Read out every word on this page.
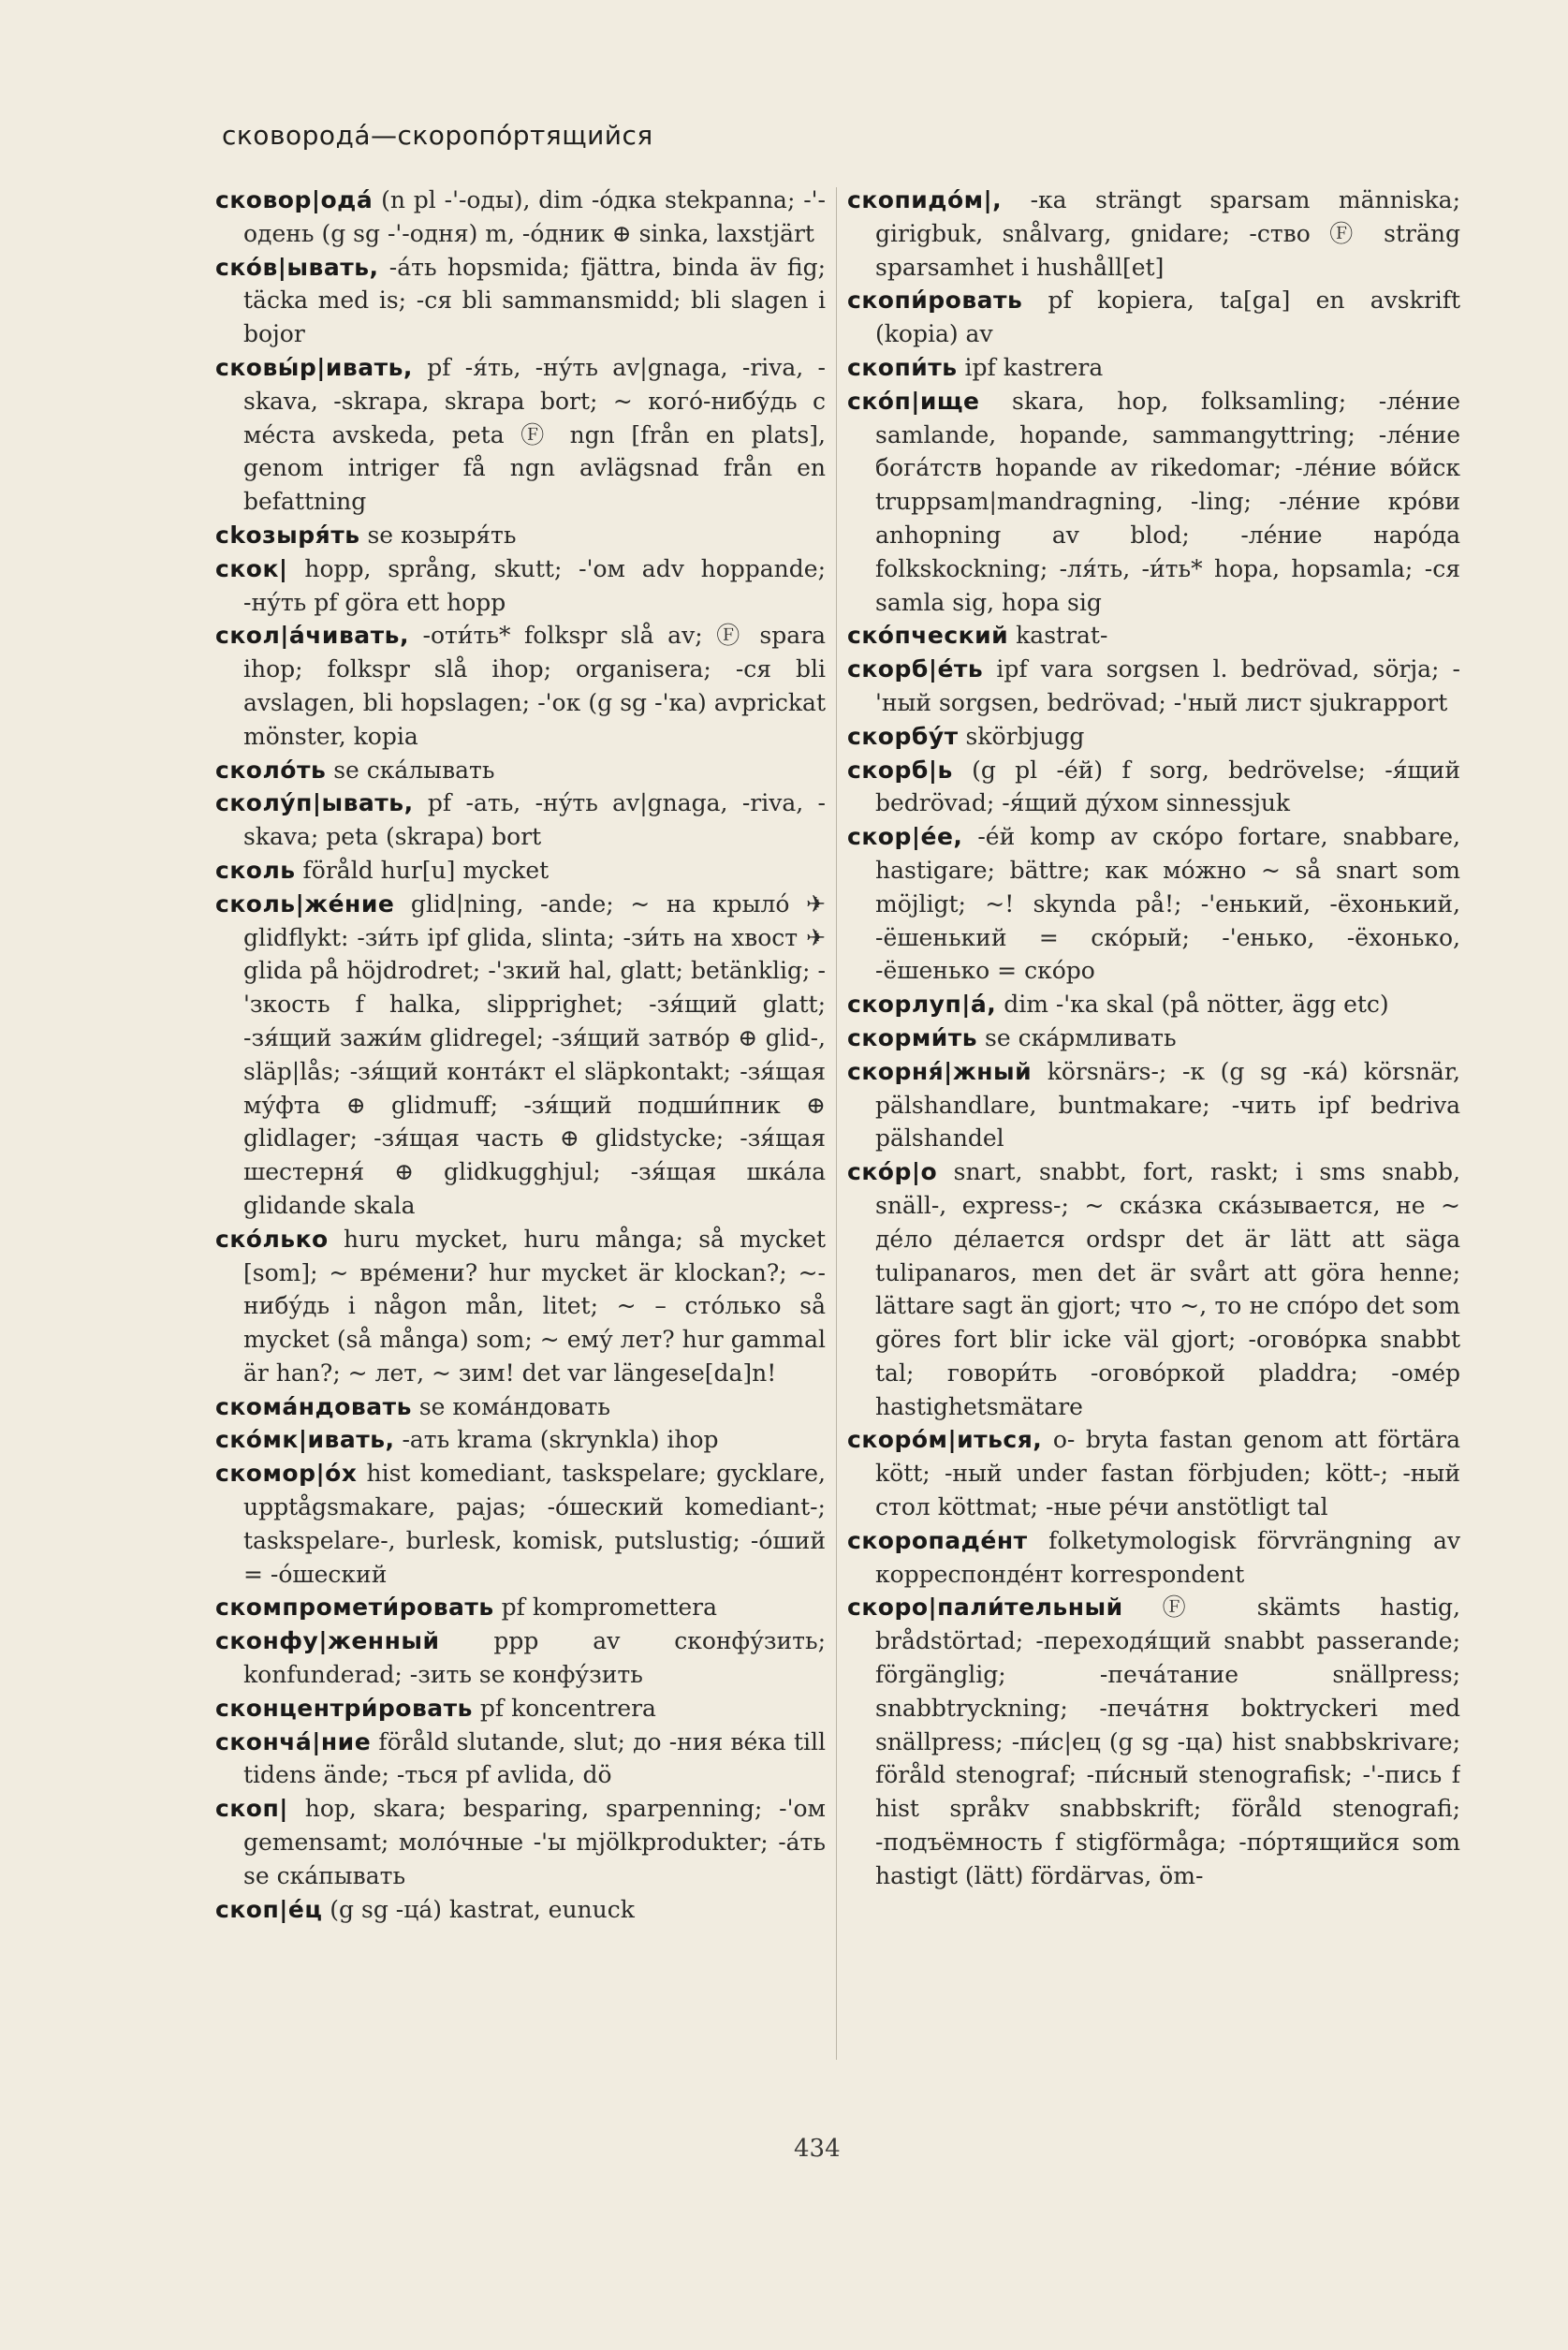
сковорода́—скоропо́ртящийся

сковор|ода́ (n pl -'-оды), dim -о́дка stekpanna; -'-одень (g sg -'-одня) m, -о́дник ⊕ sinka, laxstjärt

ско́в|ывать, -а́ть hopsmida; fjättra, binda äv fig; täcka med is; -ся bli sammansmidd; bli slagen i bojor

сковы́р|ивать, pf -я́ть, -ну́ть av|gnaga, -riva, -skava, -skrapa, skrapa bort; ~ кого́-нибу́дь с ме́ста avskeda, peta Ⓕ ngn [från en plats], genom intriger få ngn avlägsnad från en befattning

сkозыря́ть se козыря́ть

скок| hopp, språng, skutt; -'ом adv hoppande; -ну́ть pf göra ett hopp

скол|а́чивать, -оти́ть* folkspr slå av; Ⓕ spara ihop; folkspr slå ihop; organisera; -ся bli avslagen, bli hopslagen; -'ок (g sg -'ка) avprickat mönster, kopia

сколо́ть se ска́лывать

сколу́п|ывать, pf -ать, -ну́ть av|gnaga, -riva, -skava; peta (skrapa) bort

сколь föråld hur[u] mycket

сколь|же́ние glid|ning, -ande; ~ на крыло́ ✈ glidflykt: -зи́ть ipf glida, slinta; -зи́ть на хвост ✈ glida på höjdrodret; -'зкий hal, glatt; betänklig; -'зкость f halka, slipprighet; -зя́щий glatt; -зя́щий зажи́м glidregel; -зя́щий затво́р ⊕ glid-, släp|lås; -зя́щий конта́кт el släpkontakt; -зя́щая му́фта ⊕ glidmuff; -зя́щий подши́пник ⊕ glidlager; -зя́щая часть ⊕ glidstycke; -зя́щая шестерня́ ⊕ glidkugghjul; -зя́щая шка́ла glidande skala

ско́лько huru mycket, huru många; så mycket [som]; ~ вре́мени? hur mycket är klockan?; ~-нибу́дь i någon mån, litet; ~ – сто́лько så mycket (så många) som; ~ ему́ лет? hur gammal är han?; ~ лет, ~ зим! det var längese[da]n!

скома́ндовать se кома́ндовать

ско́мк|ивать, -ать krama (skrynkla) ihop

скомор|о́х hist komediant, taskspelare; gycklare, upptågsmakare, pajas; -о́шеский komediant-; taskspelare-, burlesk, komisk, putslustig; -о́ший = -о́шеский

скомпромети́ровать pf kompromettera

сконфу|женный ppp av сконфу́зить; konfunderad; -зить se конфу́зить

сконцентри́ровать pf koncentrera

сконча́|ние föråld slutande, slut; до -ния ве́ка till tidens ände; -ться pf avlida, dö

скоп| hop, skara; besparing, sparpenning; -'ом gemensamt; моло́чные -'ы mjölkprodukter; -а́ть se ска́пывать

скоп|е́ц (g sg -ца́) kastrat, eunuck

скопидо́м|, -ка strängt sparsam människa; girigbuk, snålvarg, gnidare; -ство Ⓕ sträng sparsamhet i hushåll[et]

скопи́ровать pf kopiera, ta[ga] en avskrift (kopia) av

скопи́ть ipf kastrera

ско́п|ище skara, hop, folksamling; -ле́ние samlande, hopande, sammangyttring; -ле́ние бога́тств hopande av rikedomar; -ле́ние во́йск truppsam|mandragning, -ling; -ле́ние кро́ви anhopning av blod; -ле́ние наро́да folkskockning; -ля́ть, -и́ть* hopa, hopsamla; -ся samla sig, hopa sig

ско́пческий kastrat-

скорб|е́ть ipf vara sorgsen l. bedrövad, sörja; -'ный sorgsen, bedrövad; -'ный лист sjukrapport

скорбу́т skörbjugg

скорб|ь (g pl -е́й) f sorg, bedrövelse; -я́щий bedrövad; -я́щий ду́хом sinnessjuk

скор|е́е, -е́й komp av ско́ро fortare, snabbare, hastigare; bättre; как мо́жно ~ så snart som möjligt; ~! skynda på!; -'енький, -ёхонький, -ёшенький = ско́рый; -'енько, -ёхонько, -ёшенько = ско́ро

скорлуп|а́, dim -'ка skal (på nötter, ägg etc)

скорми́ть se ска́рмливать

скорня́|жный körsnärs-; -к (g sg -ка́) körsnär, pälshandlare, buntmakare; -чить ipf bedriva pälshandel

ско́р|о snart, snabbt, fort, raskt; i sms snabb, snäll-, express-; ~ ска́зка ска́зывается, не ~ де́ло де́лается ordspr det är lätt att säga tulipanaros, men det är svårt att göra henne; lättare sagt än gjort; что ~, то не спо́ро det som göres fort blir icke väl gjort; -огово́рка snabbt tal; говори́ть -огово́ркой pladdra; -оме́р hastighetsmätare

скоро́м|иться, о- bryta fastan genom att förtära kött; -ный under fastan förbjuden; kött-; -ный стол köttmat; -ные ре́чи anstötligt tal

скоропаде́нт folketymologisk förvrängning av корреспонде́нт korrespondent

скоро|пали́тельный Ⓕ skämts hastig, brådstörtad; -переходя́щий snabbt passerande; förgänglig; -печа́тание snällpress; snabbtryckning; -печа́тня boktryckeri med snällpress; -пи́с|ец (g sg -ца) hist snabbskrivare; föråld stenograf; -пи́сный stenografisk; -'-пись f hist språkv snabbskrift; föråld stenografi; -подъёмность f stigförmåga; -по́ртящийся som hastigt (lätt) fördärvas, öm-

434
